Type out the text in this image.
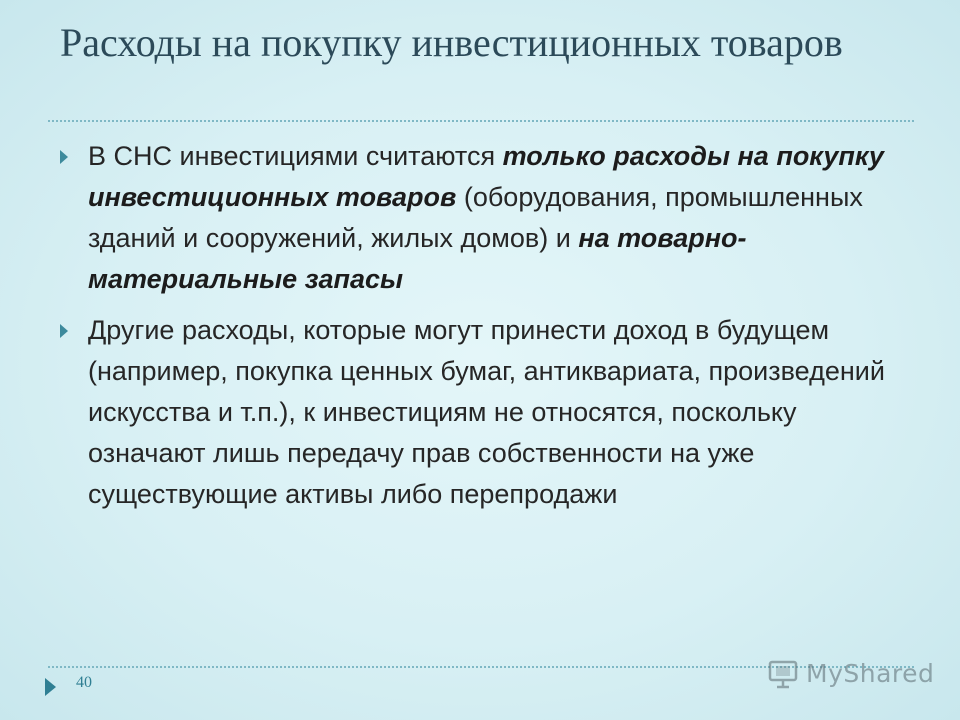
Расходы на покупку инвестиционных товаров
В СНС инвестициями считаются только расходы на покупку инвестиционных товаров (оборудования, промышленных зданий и сооружений, жилых домов) и на товарно-материальные запасы
Другие расходы, которые могут принести доход в будущем (например, покупка ценных бумаг, антиквариата, произведений искусства и т.п.), к инвестициям не относятся, поскольку означают лишь передачу прав собственности на уже существующие активы либо перепродажи
40	MyShared
